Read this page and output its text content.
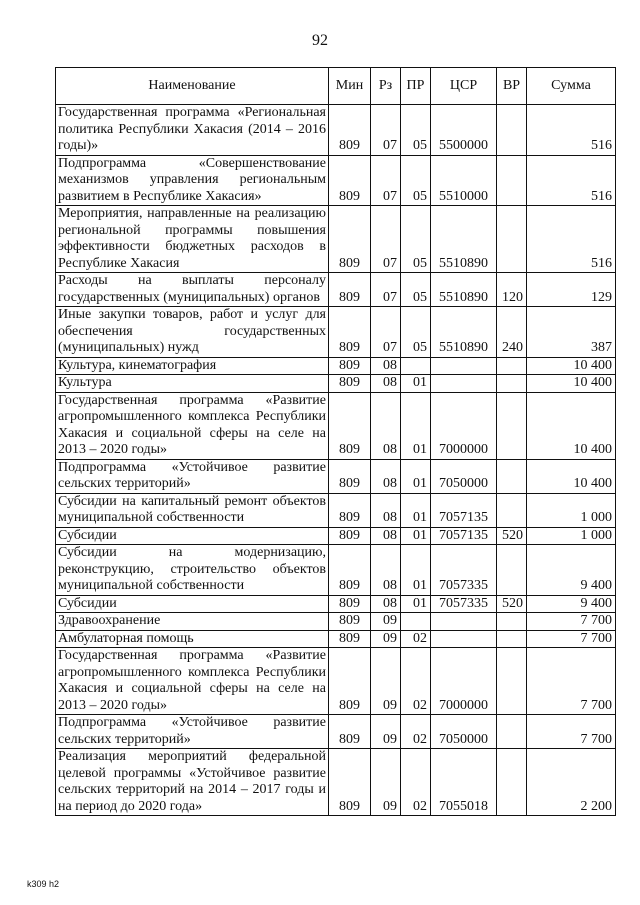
92
Наименование	Мин	Рз	ПР	ЦСР	ВР	Сумма
Государственная программа «Региональная политика Республики Хакасия (2014 – 2016 годы)»	809	07	05	5500000		516
Подпрограмма «Совершенствование механизмов управления региональным развитием в Республике Хакасия»	809	07	05	5510000		516
Мероприятия, направленные на реализацию региональной программы повышения эффективности бюджетных расходов в Республике Хакасия	809	07	05	5510890		516
Расходы на выплаты персоналу государственных (муниципальных) органов	809	07	05	5510890	120	129
Иные закупки товаров, работ и услуг для обеспечения государственных (муниципальных) нужд	809	07	05	5510890	240	387
Культура, кинематография	809	08				10 400
Культура	809	08	01			10 400
Государственная программа «Развитие агропромышленного комплекса Республики Хакасия и социальной сферы на селе на 2013 – 2020 годы»	809	08	01	7000000		10 400
Подпрограмма «Устойчивое развитие сельских территорий»	809	08	01	7050000		10 400
Субсидии на капитальный ремонт объектов муниципальной собственности	809	08	01	7057135		1 000
Субсидии	809	08	01	7057135	520	1 000
Субсидии на модернизацию, реконструкцию, строительство объектов муниципальной собственности	809	08	01	7057335		9 400
Субсидии	809	08	01	7057335	520	9 400
Здравоохранение	809	09				7 700
Амбулаторная помощь	809	09	02			7 700
Государственная программа «Развитие агропромышленного комплекса Республики Хакасия и социальной сферы на селе на 2013 – 2020 годы»	809	09	02	7000000		7 700
Подпрограмма «Устойчивое развитие сельских территорий»	809	09	02	7050000		7 700
Реализация мероприятий федеральной целевой программы «Устойчивое развитие сельских территорий на 2014 – 2017 годы и на период до 2020 года»	809	09	02	7055018		2 200
k309 h2
